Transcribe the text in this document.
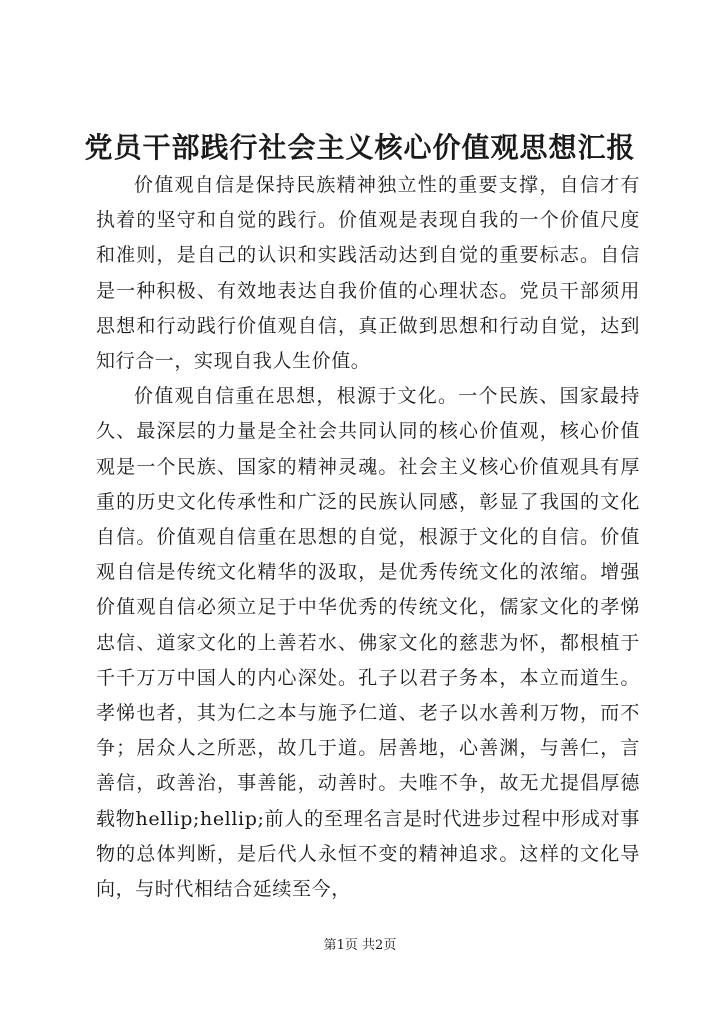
党员干部践行社会主义核心价值观思想汇报

价值观自信是保持民族精神独立性的重要支撑，自信才有执着的坚守和自觉的践行。价值观是表现自我的一个价值尺度和准则，是自己的认识和实践活动达到自觉的重要标志。自信是一种积极、有效地表达自我价值的心理状态。党员干部须用思想和行动践行价值观自信，真正做到思想和行动自觉，达到知行合一，实现自我人生价值。

价值观自信重在思想，根源于文化。一个民族、国家最持久、最深层的力量是全社会共同认同的核心价值观，核心价值观是一个民族、国家的精神灵魂。社会主义核心价值观具有厚重的历史文化传承性和广泛的民族认同感，彰显了我国的文化自信。价值观自信重在思想的自觉，根源于文化的自信。价值观自信是传统文化精华的汲取，是优秀传统文化的浓缩。增强价值观自信必须立足于中华优秀的传统文化，儒家文化的孝悌忠信、道家文化的上善若水、佛家文化的慈悲为怀，都根植于千千万万中国人的内心深处。孔子以君子务本，本立而道生。孝悌也者，其为仁之本与施予仁道、老子以水善利万物，而不争；居众人之所恶，故几于道。居善地，心善渊，与善仁，言善信，政善治，事善能，动善时。夫唯不争，故无尤提倡厚德载物hellip;hellip;前人的至理名言是时代进步过程中形成对事物的总体判断，是后代人永恒不变的精神追求。这样的文化导向，与时代相结合延续至今，

第1页 共2页
